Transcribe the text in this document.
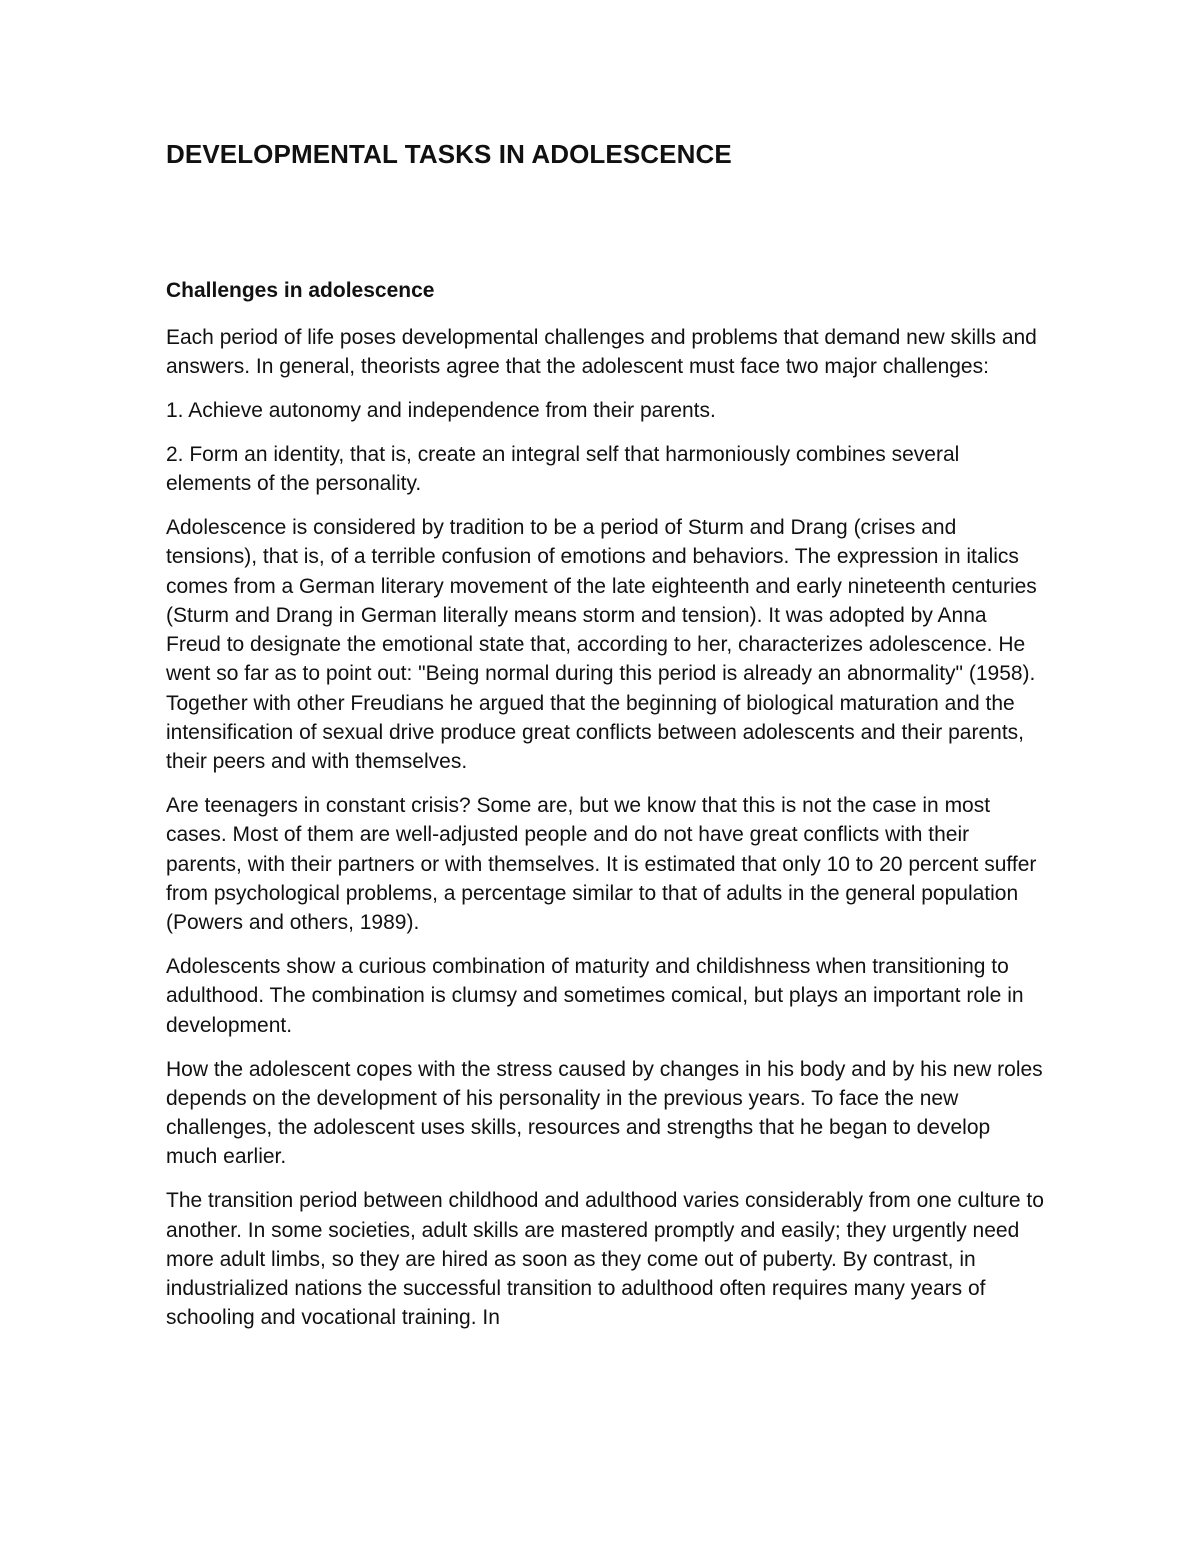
DEVELOPMENTAL TASKS IN ADOLESCENCE
Challenges in adolescence

Each period of life poses developmental challenges and problems that demand new skills and answers. In general, theorists agree that the adolescent must face two major challenges:

1. Achieve autonomy and independence from their parents.

2. Form an identity, that is, create an integral self that harmoniously combines several elements of the personality.

Adolescence is considered by tradition to be a period of Sturm and Drang (crises and tensions), that is, of a terrible confusion of emotions and behaviors. The expression in italics comes from a German literary movement of the late eighteenth and early nineteenth centuries (Sturm and Drang in German literally means storm and tension). It was adopted by Anna Freud to designate the emotional state that, according to her, characterizes adolescence. He went so far as to point out: "Being normal during this period is already an abnormality" (1958). Together with other Freudians he argued that the beginning of biological maturation and the intensification of sexual drive produce great conflicts between adolescents and their parents, their peers and with themselves.

Are teenagers in constant crisis? Some are, but we know that this is not the case in most cases. Most of them are well-adjusted people and do not have great conflicts with their parents, with their partners or with themselves. It is estimated that only 10 to 20 percent suffer from psychological problems, a percentage similar to that of adults in the general population (Powers and others, 1989).

Adolescents show a curious combination of maturity and childishness when transitioning to adulthood. The combination is clumsy and sometimes comical, but plays an important role in development.

How the adolescent copes with the stress caused by changes in his body and by his new roles depends on the development of his personality in the previous years. To face the new challenges, the adolescent uses skills, resources and strengths that he began to develop much earlier.

The transition period between childhood and adulthood varies considerably from one culture to another. In some societies, adult skills are mastered promptly and easily; they urgently need more adult limbs, so they are hired as soon as they come out of puberty. By contrast, in industrialized nations the successful transition to adulthood often requires many years of schooling and vocational training. In
